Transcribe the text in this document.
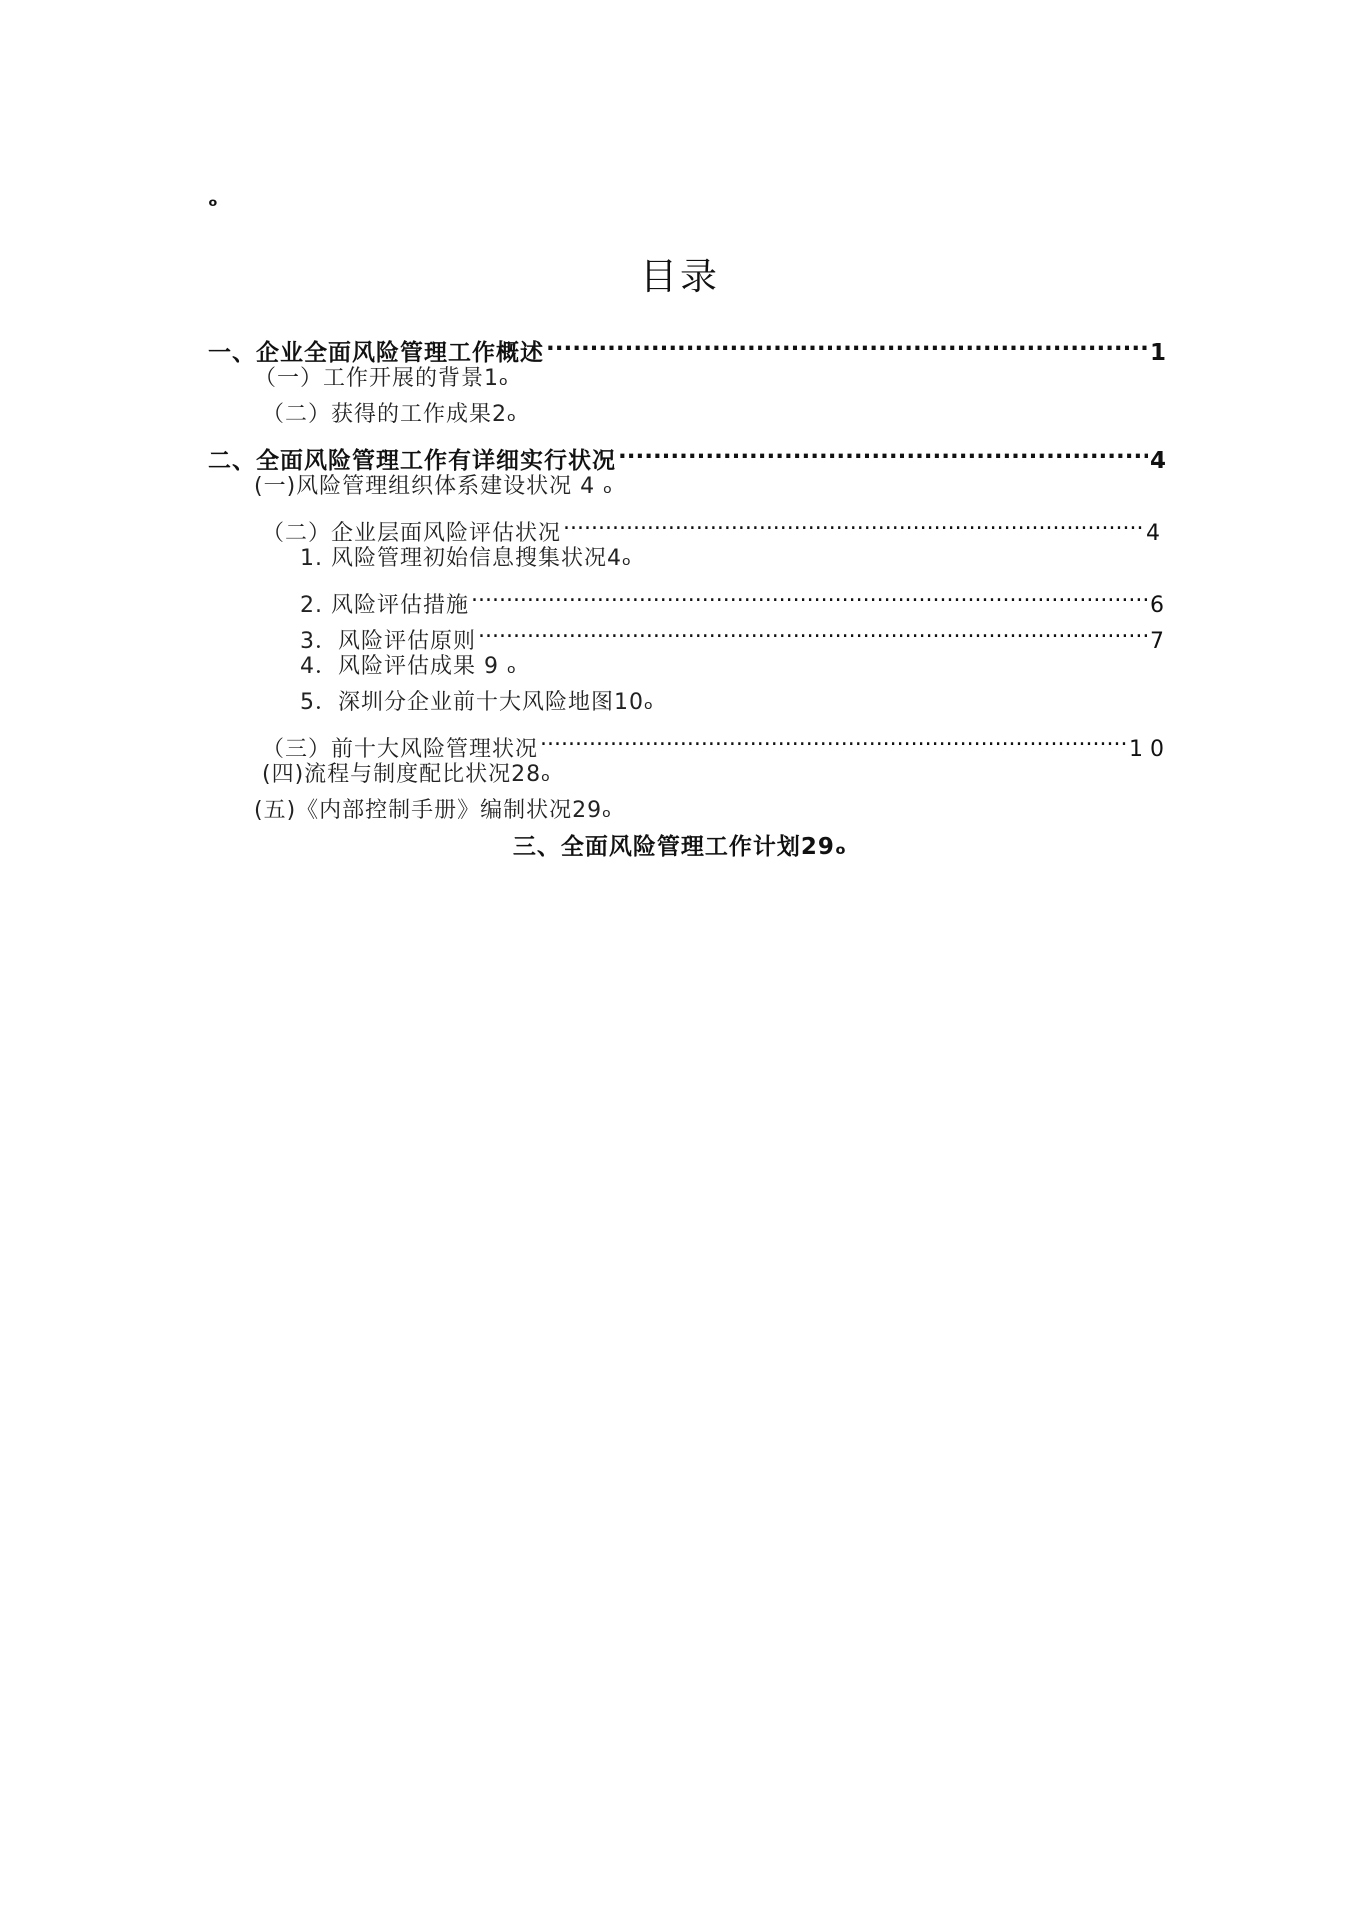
ₒ
目录
一、企业全面风险管理工作概述 .....	1
（一）工作开展的背景1ₒ
（二）获得的工作成果2ₒ
二、全面风险管理工作有详细实行状况 .....	4
(一)风险管理组织体系建设状况 4 ₒ
（二）企业层面风险评估状况 .....	4
1. 风险管理初始信息搜集状况4ₒ
2. 风险评估措施 .....	6
3．风险评估原则 .....	7
4．风险评估成果 9 ₒ
5．深圳分企业前十大风险地图10ₒ
（三）前十大风险管理状况 .....	1 0
(四)流程与制度配比状况28ₒ
(五)《内部控制手册》编制状况29ₒ
三、全面风险管理工作计划29ₒ
